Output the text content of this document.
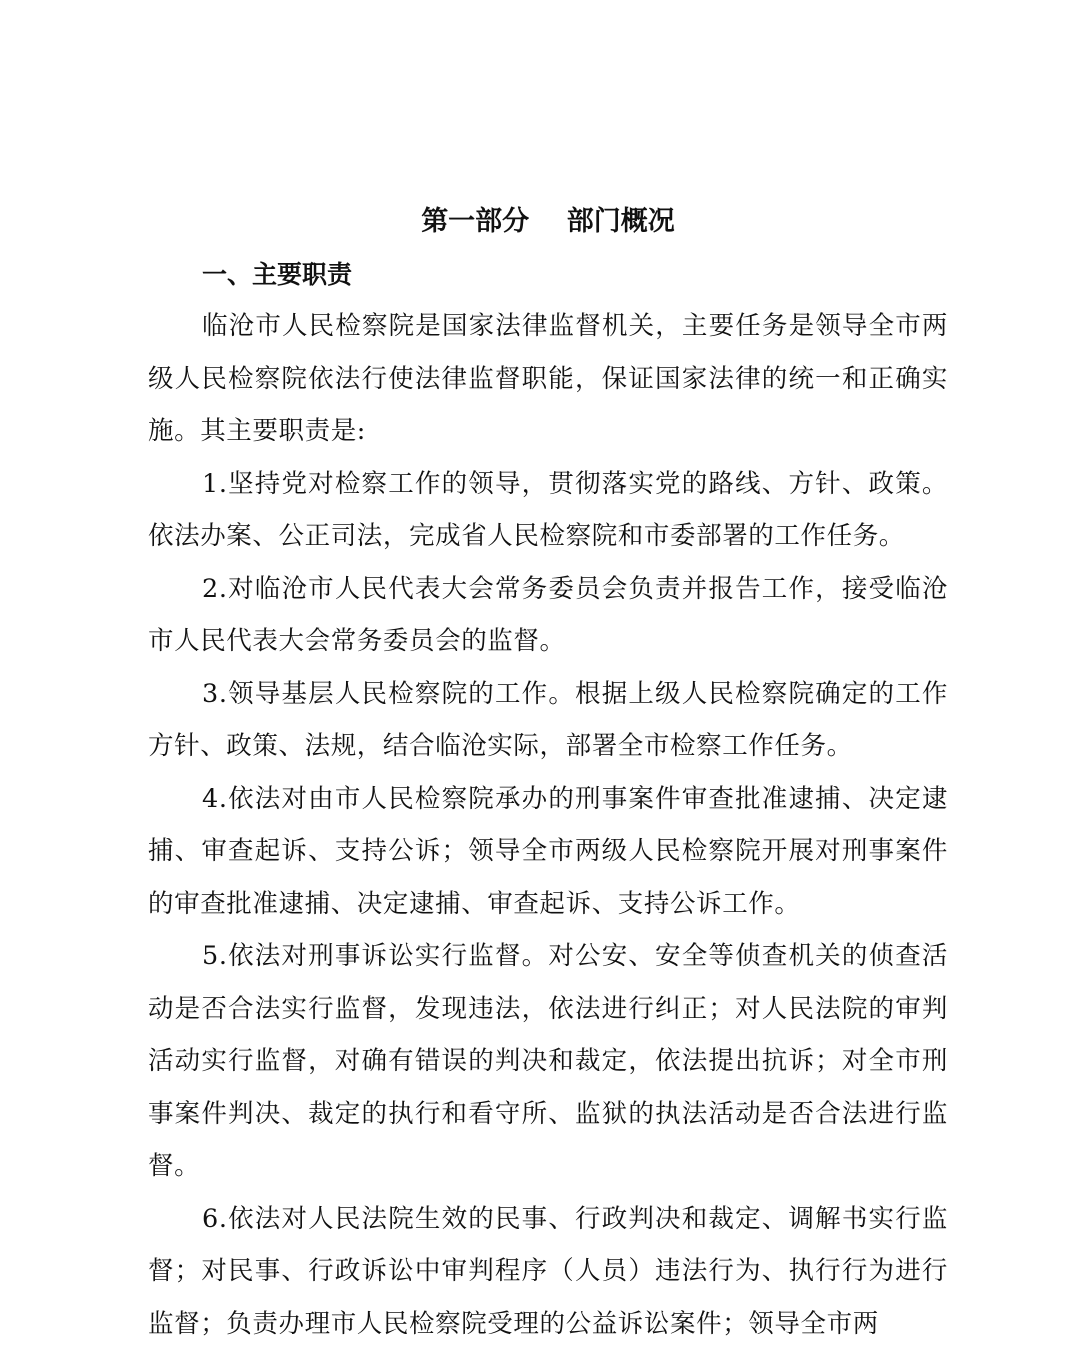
第一部分    部门概况
一、主要职责

临沧市人民检察院是国家法律监督机关，主要任务是领导全市两级人民检察院依法行使法律监督职能，保证国家法律的统一和正确实施。其主要职责是:

1.坚持党对检察工作的领导，贯彻落实党的路线、方针、政策。依法办案、公正司法，完成省人民检察院和市委部署的工作任务。

2.对临沧市人民代表大会常务委员会负责并报告工作，接受临沧市人民代表大会常务委员会的监督。

3.领导基层人民检察院的工作。根据上级人民检察院确定的工作方针、政策、法规，结合临沧实际，部署全市检察工作任务。

4.依法对由市人民检察院承办的刑事案件审查批准逮捕、决定逮捕、审查起诉、支持公诉；领导全市两级人民检察院开展对刑事案件的审查批准逮捕、决定逮捕、审查起诉、支持公诉工作。

5.依法对刑事诉讼实行监督。对公安、安全等侦查机关的侦查活动是否合法实行监督，发现违法，依法进行纠正；对人民法院的审判活动实行监督，对确有错误的判决和裁定，依法提出抗诉；对全市刑事案件判决、裁定的执行和看守所、监狱的执法活动是否合法进行监督。

6.依法对人民法院生效的民事、行政判决和裁定、调解书实行监督；对民事、行政诉讼中审判程序（人员）违法行为、执行行为进行监督；负责办理市人民检察院受理的公益诉讼案件；领导全市两
